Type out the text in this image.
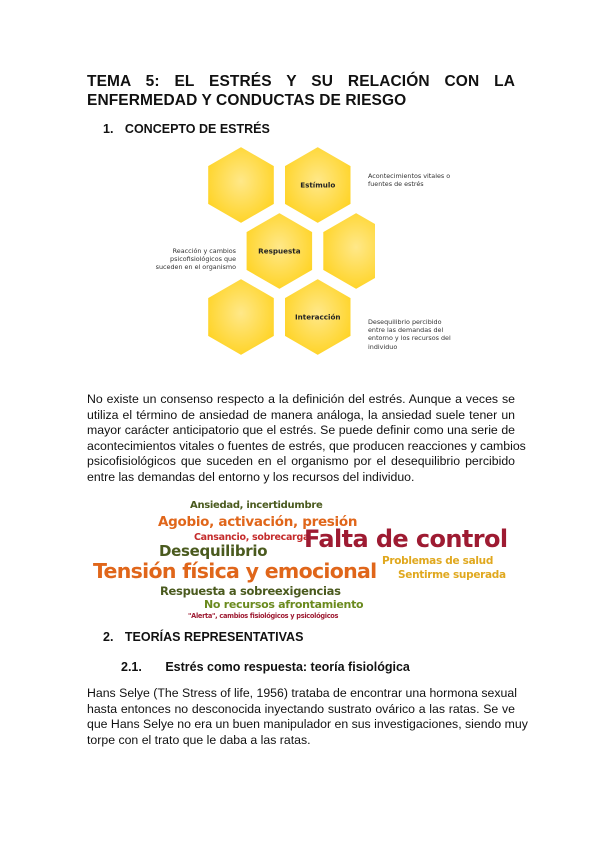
TEMA 5: EL ESTRÉS Y SU RELACIÓN CON LA
ENFERMEDAD Y CONDUCTAS DE RIESGO
1. CONCEPTO DE ESTRÉS
Estímulo
Respuesta
Interacción
Acontecimientos vitales o
fuentes de estrés
Reacción y cambios
psicofisiológicos que
suceden en el organismo
Desequilibrio percibido
entre las demandas del
entorno y los recursos del
individuo
No existe un consenso respecto a la definición del estrés. Aunque a veces se
utiliza el término de ansiedad de manera análoga, la ansiedad suele tener un
mayor carácter anticipatorio que el estrés. Se puede definir como una serie de
acontecimientos vitales o fuentes de estrés, que producen reacciones y cambios
psicofisiológicos que suceden en el organismo por el desequilibrio percibido
entre las demandas del entorno y los recursos del individuo.
Ansiedad, incertidumbre
Agobio, activación, presión
Cansancio, sobrecarga
Falta de control
Desequilibrio
Problemas de salud
Tensión física y emocional Sentirme superada
Respuesta a sobreexigencias
No recursos afrontamiento
"Alerta", cambios fisiológicos y psicológicos
2. TEORÍAS REPRESENTATIVAS
2.1. Estrés como respuesta: teoría fisiológica
Hans Selye (The Stress of life, 1956) trataba de encontrar una hormona sexual
hasta entonces no desconocida inyectando sustrato ovárico a las ratas. Se ve
que Hans Selye no era un buen manipulador en sus investigaciones, siendo muy
torpe con el trato que le daba a las ratas.
